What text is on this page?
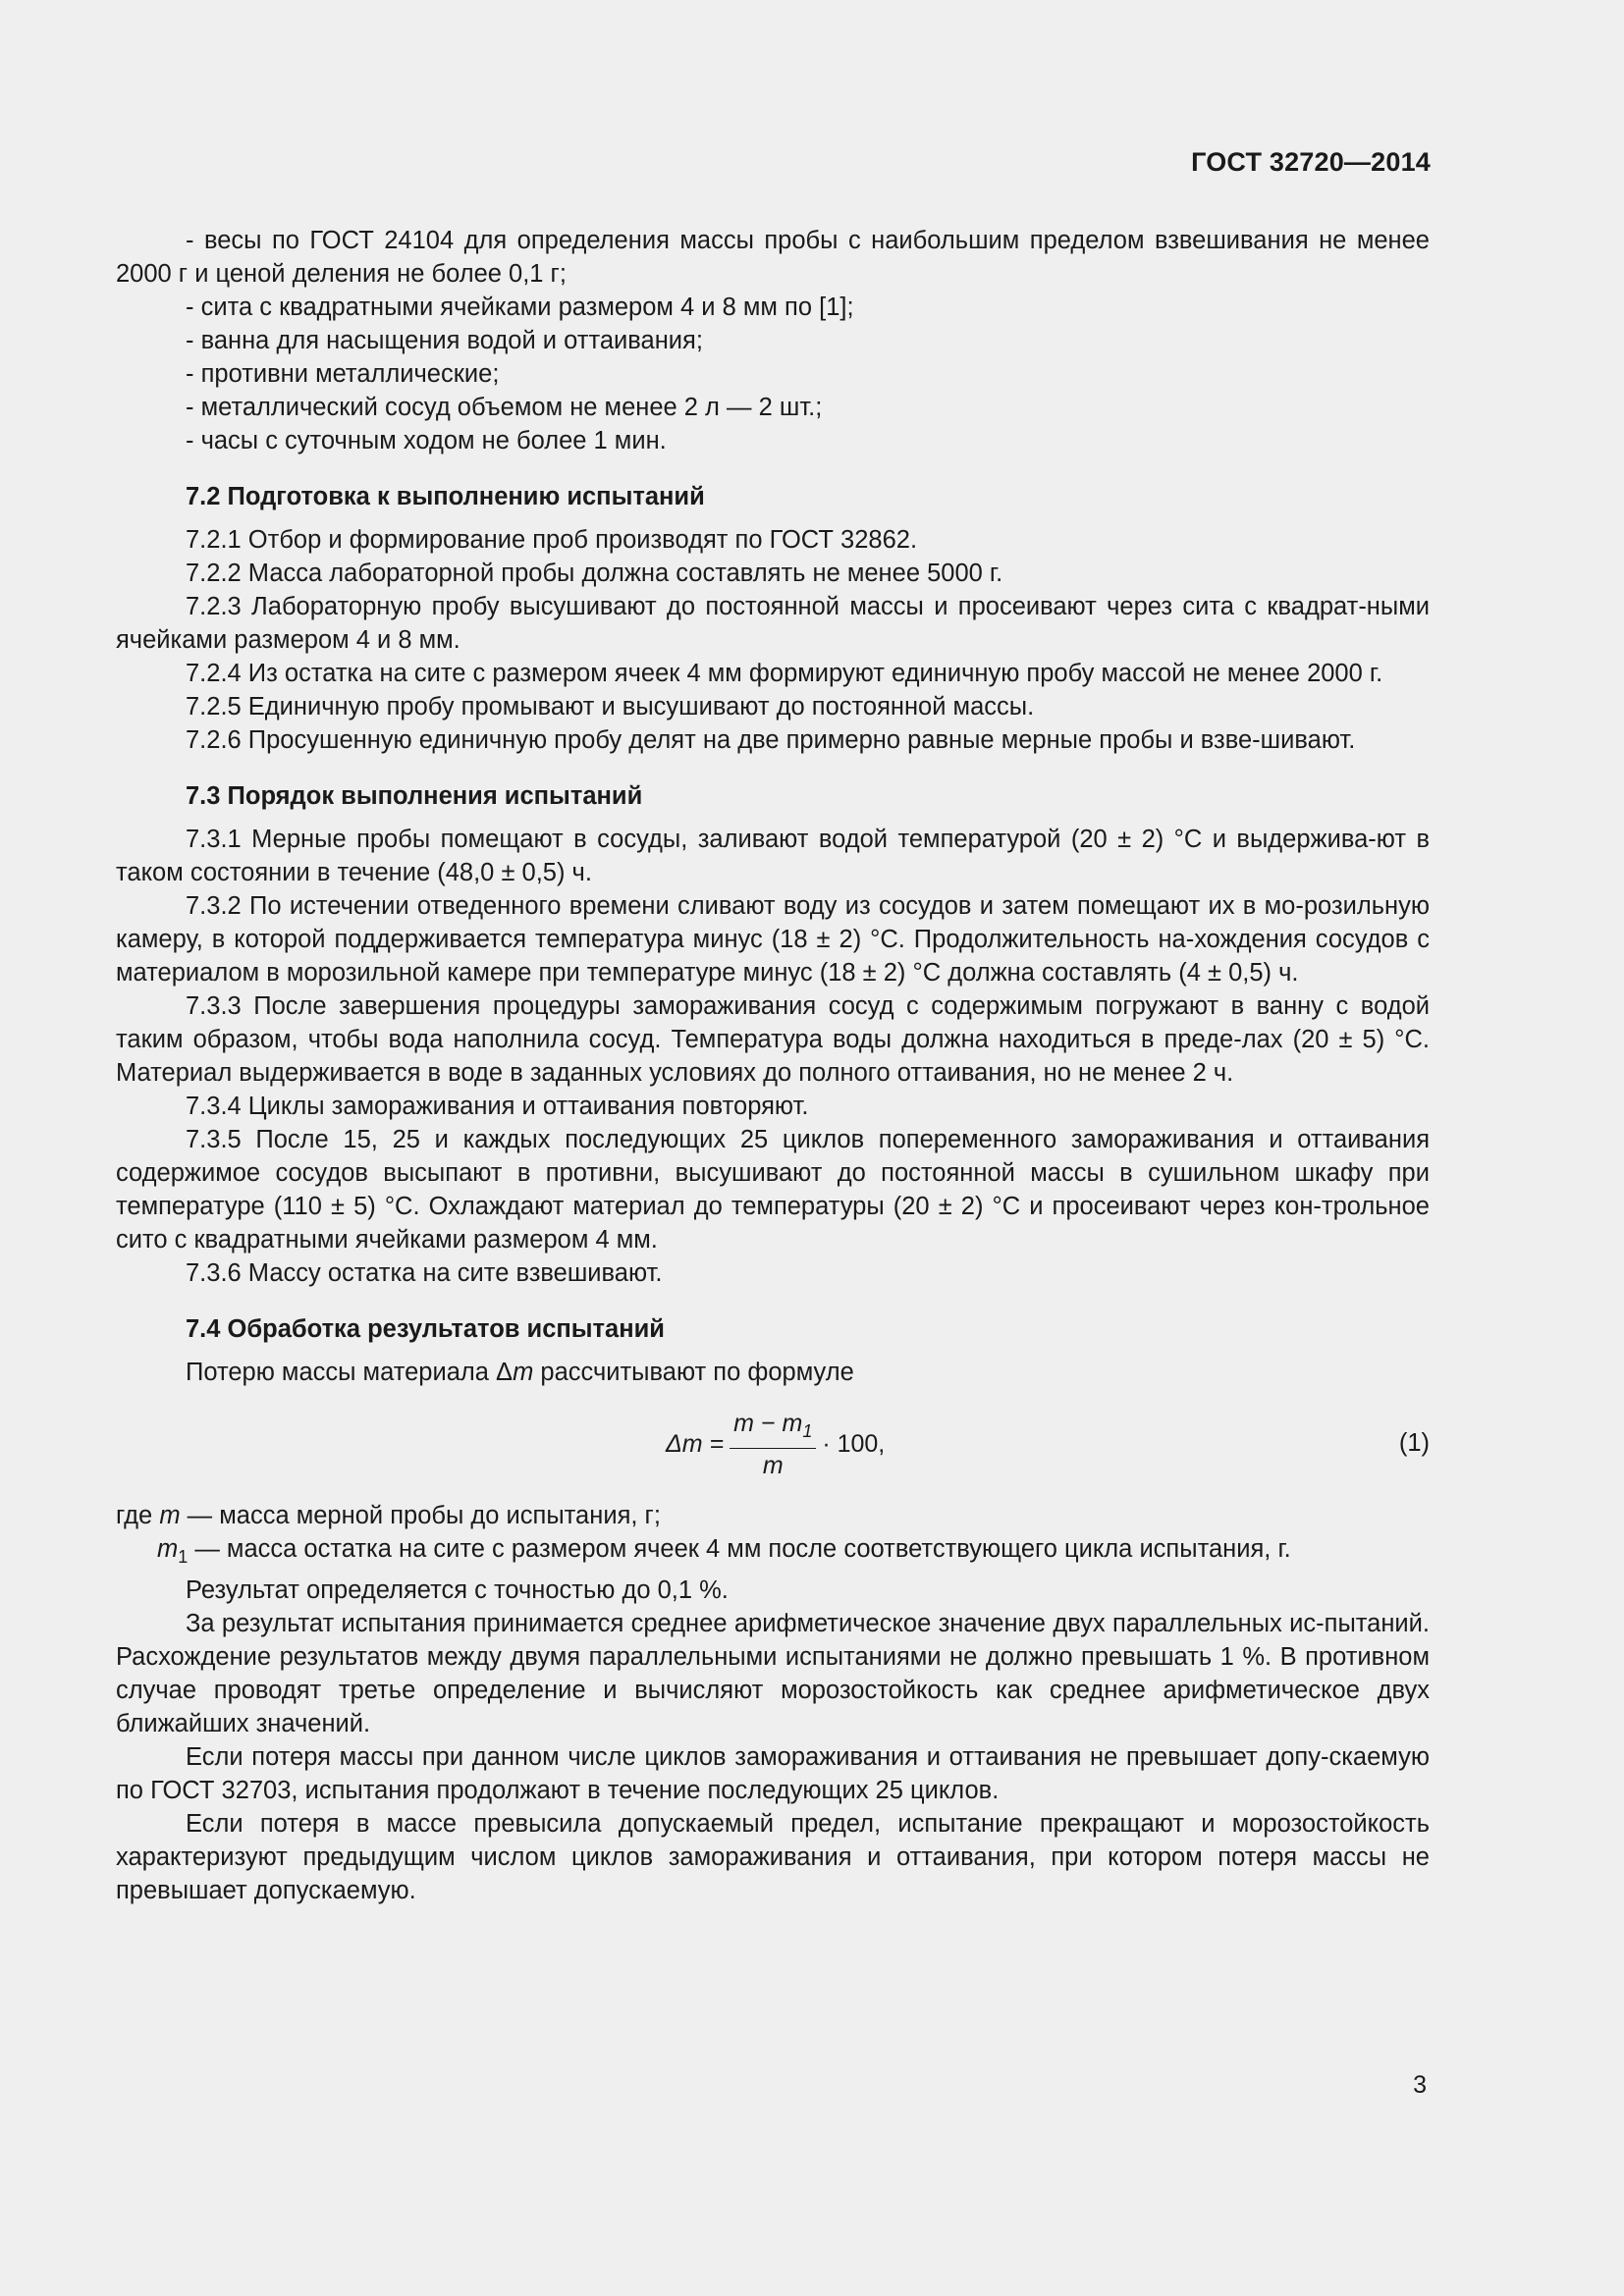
ГОСТ 32720—2014

- весы по ГОСТ 24104 для определения массы пробы с наибольшим пределом взвешивания не менее 2000 г и ценой деления не более 0,1 г;

- сита с квадратными ячейками размером 4 и 8 мм по [1];

- ванна для насыщения водой и оттаивания;

- противни металлические;

- металлический сосуд объемом не менее 2 л — 2 шт.;

- часы с суточным ходом не более 1 мин.

7.2 Подготовка к выполнению испытаний

7.2.1 Отбор и формирование проб производят по ГОСТ 32862.

7.2.2 Масса лабораторной пробы должна составлять не менее 5000 г.

7.2.3 Лабораторную пробу высушивают до постоянной массы и просеивают через сита с квадрат-ными ячейками размером 4 и 8 мм.

7.2.4 Из остатка на сите с размером ячеек 4 мм формируют единичную пробу массой не менее 2000 г.

7.2.5 Единичную пробу промывают и высушивают до постоянной массы.

7.2.6 Просушенную единичную пробу делят на две примерно равные мерные пробы и взве-шивают.

7.3 Порядок выполнения испытаний

7.3.1 Мерные пробы помещают в сосуды, заливают водой температурой (20 ± 2) °С и выдержива-ют в таком состоянии в течение (48,0 ± 0,5) ч.

7.3.2 По истечении отведенного времени сливают воду из сосудов и затем помещают их в мо-розильную камеру, в которой поддерживается температура минус (18 ± 2) °С. Продолжительность на-хождения сосудов с материалом в морозильной камере при температуре минус (18 ± 2) °С должна составлять (4 ± 0,5) ч.

7.3.3 После завершения процедуры замораживания сосуд с содержимым погружают в ванну с водой таким образом, чтобы вода наполнила сосуд. Температура воды должна находиться в преде-лах (20 ± 5) °С. Материал выдерживается в воде в заданных условиях до полного оттаивания, но не менее 2 ч.

7.3.4 Циклы замораживания и оттаивания повторяют.

7.3.5 После 15, 25 и каждых последующих 25 циклов попеременного замораживания и оттаивания содержимое сосудов высыпают в противни, высушивают до постоянной массы в сушильном шкафу при температуре (110 ± 5) °С. Охлаждают материал до температуры (20 ± 2) °С и просеивают через кон-трольное сито с квадратными ячейками размером 4 мм.

7.3.6 Массу остатка на сите взвешивают.

7.4 Обработка результатов испытаний

Потерю массы материала Δm рассчитывают по формуле

$\Delta m = \frac{m - m_1}{m} \cdot 100$,	(1)

где m — масса мерной пробы до испытания, г;

$m_1$ — масса остатка на сите с размером ячеек 4 мм после соответствующего цикла испытания, г.

Результат определяется с точностью до 0,1 %.

За результат испытания принимается среднее арифметическое значение двух параллельных ис-пытаний. Расхождение результатов между двумя параллельными испытаниями не должно превышать 1 %. В противном случае проводят третье определение и вычисляют морозостойкость как среднее арифметическое двух ближайших значений.

Если потеря массы при данном числе циклов замораживания и оттаивания не превышает допу-скаемую по ГОСТ 32703, испытания продолжают в течение последующих 25 циклов.

Если потеря в массе превысила допускаемый предел, испытание прекращают и морозостойкость характеризуют предыдущим числом циклов замораживания и оттаивания, при котором потеря массы не превышает допускаемую.

3
